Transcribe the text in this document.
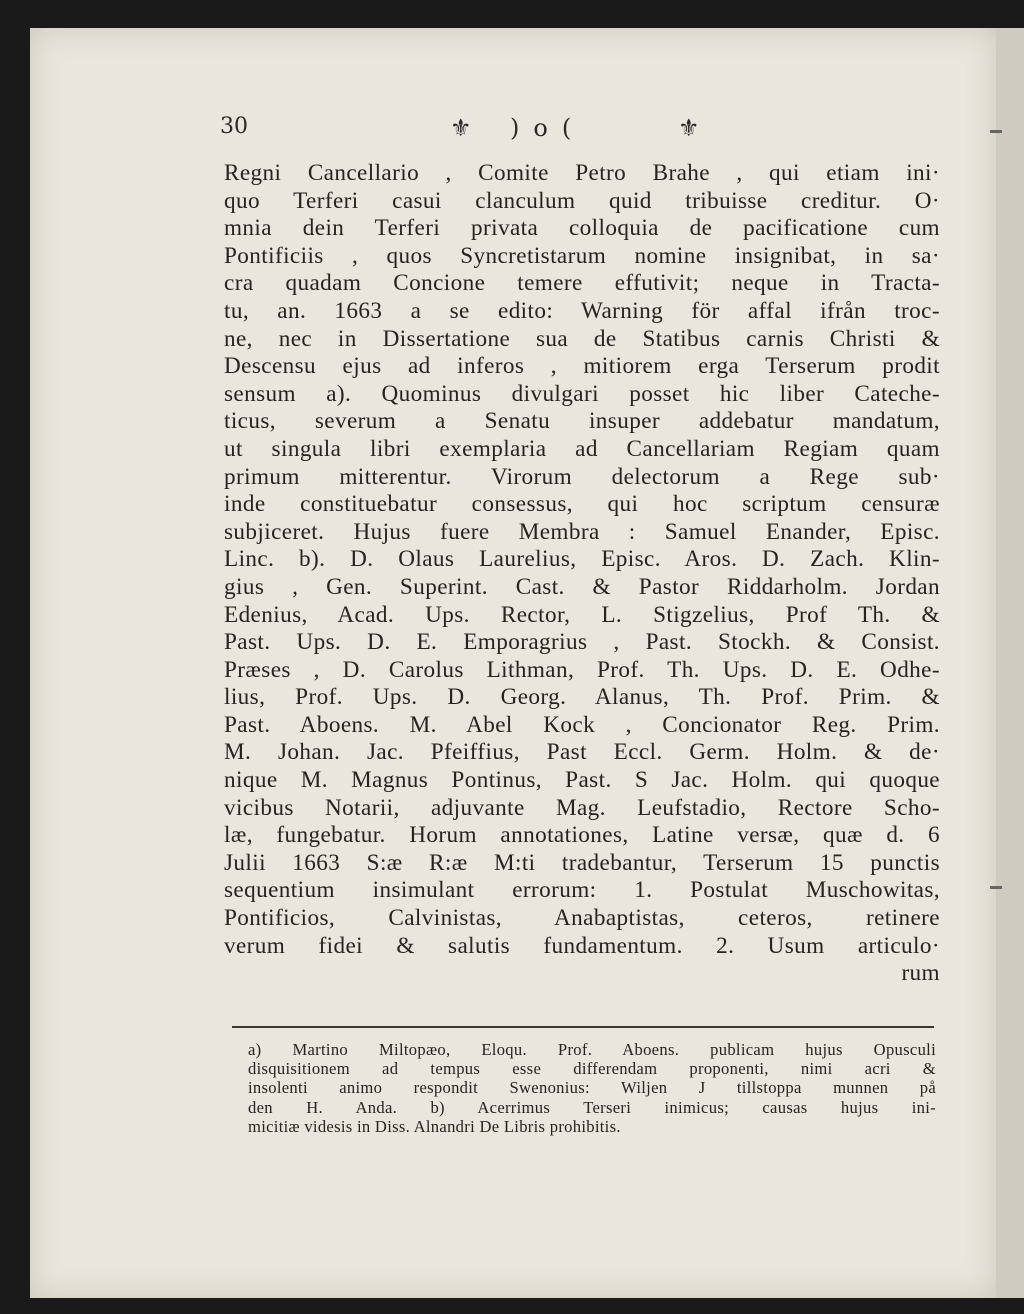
30	⚜ )o(	⚜
Regni Cancellario , Comite Petro Brahe , qui etiam ini·
quo Terferi casui clanculum quid tribuisse creditur. O·
mnia dein Terferi privata colloquia de pacificatione cum
Pontificiis , quos Syncretistarum nomine insignibat, in sa·
cra quadam Concione temere effutivit; neque in Tracta-
tu, an. 1663 a se edito: Warning för affal ifrån troc-
ne, nec in Dissertatione sua de Statibus carnis Christi &
Descensu ejus ad inferos , mitiorem erga Terserum prodit
sensum a). Quominus divulgari posset hic liber Cateche-
ticus, severum a Senatu insuper addebatur mandatum,
ut singula libri exemplaria ad Cancellariam Regiam quam
primum mitterentur. Virorum delectorum a Rege sub·
inde constituebatur consessus, qui hoc scriptum censuræ
subjiceret. Hujus fuere Membra : Samuel Enander, Episc.
Linc. b). D. Olaus Laurelius, Episc. Aros. D. Zach. Klin-
gius , Gen. Superint. Cast. & Pastor Riddarholm. Jordan
Edenius, Acad. Ups. Rector, L. Stigzelius, Prof Th. &
Past. Ups. D. E. Emporagrius , Past. Stockh. & Consist.
Præses , D. Carolus Lithman, Prof. Th. Ups. D. E. Odhe-
lius, Prof. Ups. D. Georg. Alanus, Th. Prof. Prim. &
Past. Aboens. M. Abel Kock , Concionator Reg. Prim.
M. Johan. Jac. Pfeiffius, Past Eccl. Germ. Holm. & de·
nique M. Magnus Pontinus, Past. S Jac. Holm. qui quoque
vicibus Notarii, adjuvante Mag. Leufstadio, Rectore Scho-
læ, fungebatur. Horum annotationes, Latine versæ, quæ d. 6
Julii 1663 S:æ R:æ M:ti tradebantur, Terserum 15 punctis
sequentium insimulant errorum: 1. Postulat Muschowitas,
Pontificios, Calvinistas, Anabaptistas, ceteros, retinere
verum fidei & salutis fundamentum. 2. Usum articulo·
rum
a) Martino Miltopæo, Eloqu. Prof. Aboens. publicam hujus Opusculi
disquisitionem ad tempus esse differendam proponenti, nimi acri &
insolenti animo respondit Swenonius: Wiljen J tillstoppa munnen på
den H. Anda. b) Acerrimus Terseri inimicus; causas hujus ini-
micitiæ videsis in Diss. Alnandri De Libris prohibitis.
